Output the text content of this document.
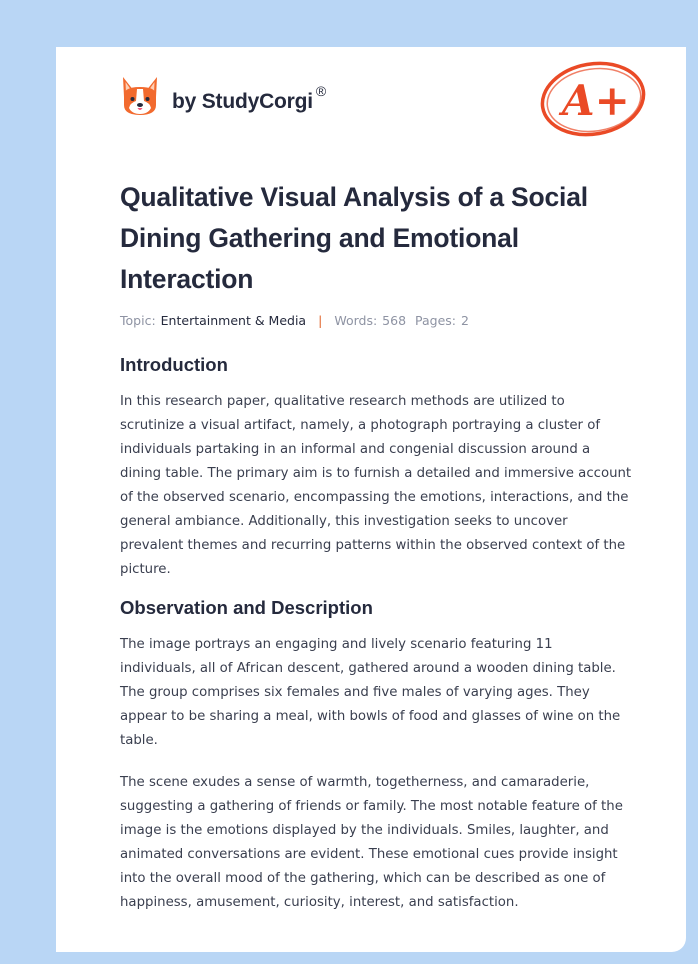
by StudyCorgi ®	A+
Qualitative Visual Analysis of a Social Dining Gathering and Emotional Interaction
Topic: Entertainment & Media | Words: 568 Pages: 2
Introduction

In this research paper, qualitative research methods are utilized to scrutinize a visual artifact, namely, a photograph portraying a cluster of individuals partaking in an informal and congenial discussion around a dining table. The primary aim is to furnish a detailed and immersive account of the observed scenario, encompassing the emotions, interactions, and the general ambiance. Additionally, this investigation seeks to uncover prevalent themes and recurring patterns within the observed context of the picture.

Observation and Description

The image portrays an engaging and lively scenario featuring 11 individuals, all of African descent, gathered around a wooden dining table. The group comprises six females and five males of varying ages. They appear to be sharing a meal, with bowls of food and glasses of wine on the table.

The scene exudes a sense of warmth, togetherness, and camaraderie, suggesting a gathering of friends or family. The most notable feature of the image is the emotions displayed by the individuals. Smiles, laughter, and animated conversations are evident. These emotional cues provide insight into the overall mood of the gathering, which can be described as one of happiness, amusement, curiosity, interest, and satisfaction.
